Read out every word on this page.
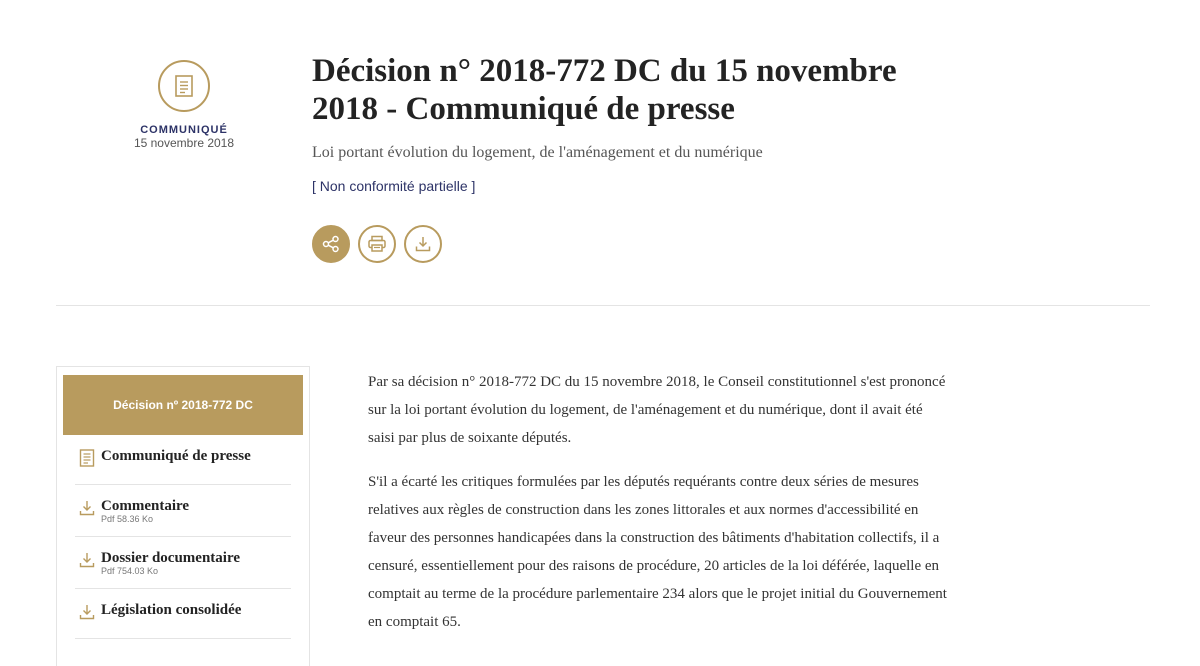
COMMUNIQUÉ
15 novembre 2018
Décision n° 2018-772 DC du 15 novembre 2018 - Communiqué de presse
Loi portant évolution du logement, de l'aménagement et du numérique
[ Non conformité partielle ]
Décision nº 2018-772 DC
Communiqué de presse
Commentaire
Pdf 58.36 Ko
Dossier documentaire
Pdf 754.03 Ko
Législation consolidée

Par sa décision n° 2018-772 DC du 15 novembre 2018, le Conseil constitutionnel s'est prononcé sur la loi portant évolution du logement, de l'aménagement et du numérique, dont il avait été saisi par plus de soixante députés.

S'il a écarté les critiques formulées par les députés requérants contre deux séries de mesures relatives aux règles de construction dans les zones littorales et aux normes d'accessibilité en faveur des personnes handicapées dans la construction des bâtiments d'habitation collectifs, il a censuré, essentiellement pour des raisons de procédure, 20 articles de la loi déférée, laquelle en comptait au terme de la procédure parlementaire 234 alors que le projet initial du Gouvernement en comptait 65.
